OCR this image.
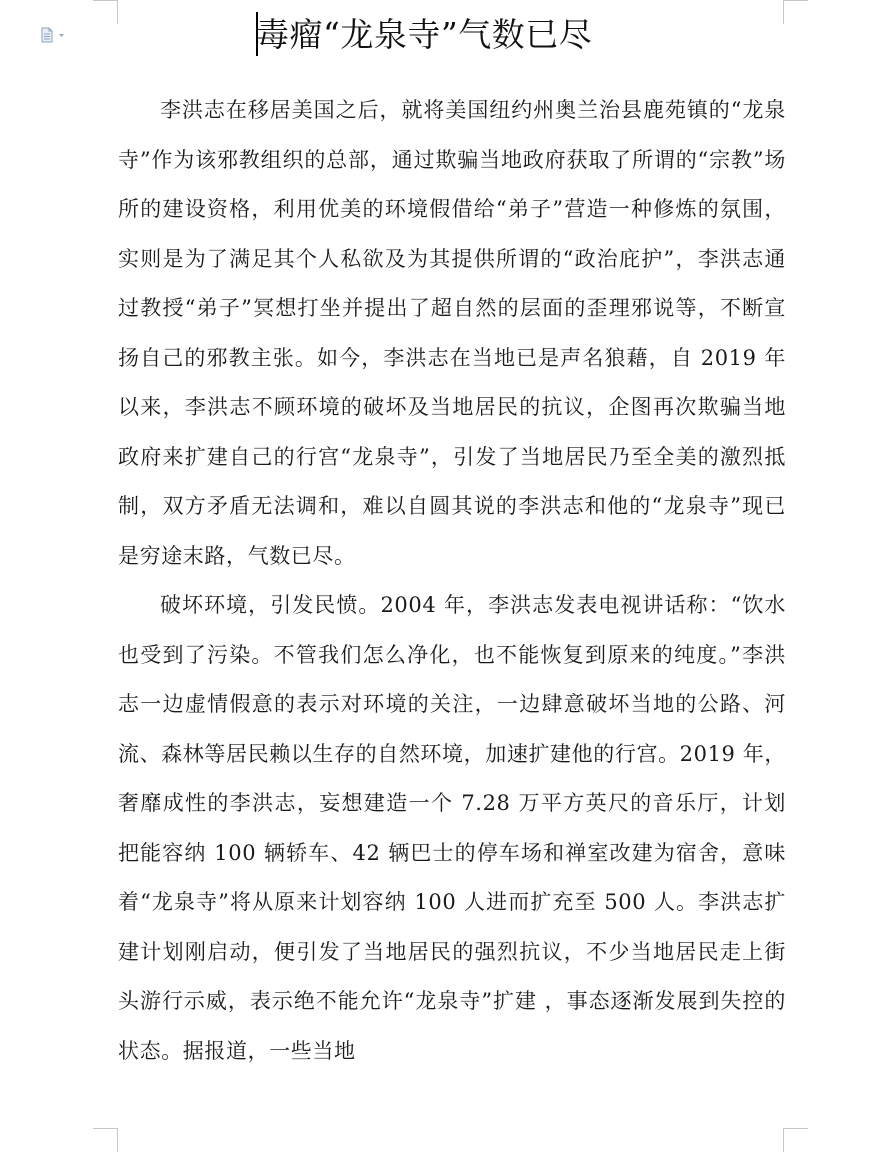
毒瘤“龙泉寺”气数已尽

李洪志在移居美国之后，就将美国纽约州奥兰治县鹿苑镇的“龙泉寺”作为该邪教组织的总部，通过欺骗当地政府获取了所谓的“宗教”场所的建设资格，利用优美的环境假借给“弟子”营造一种修炼的氛围，实则是为了满足其个人私欲及为其提供所谓的“政治庇护”，李洪志通过教授“弟子”冥想打坐并提出了超自然的层面的歪理邪说等，不断宣扬自己的邪教主张。如今，李洪志在当地已是声名狼藉，自 2019 年以来，李洪志不顾环境的破坏及当地居民的抗议，企图再次欺骗当地政府来扩建自己的行宫“龙泉寺”，引发了当地居民乃至全美的激烈抵制，双方矛盾无法调和，难以自圆其说的李洪志和他的“龙泉寺”现已是穷途末路，气数已尽。

破坏环境，引发民愤。2004 年，李洪志发表电视讲话称：“饮水也受到了污染。不管我们怎么净化，也不能恢复到原来的纯度。”李洪志一边虚情假意的表示对环境的关注，一边肆意破坏当地的公路、河流、森林等居民赖以生存的自然环境，加速扩建他的行宫。2019 年，奢靡成性的李洪志，妄想建造一个 7.28 万平方英尺的音乐厅，计划把能容纳 100 辆轿车、42 辆巴士的停车场和禅室改建为宿舍，意味着“龙泉寺”将从原来计划容纳 100 人进而扩充至 500 人。李洪志扩建计划刚启动，便引发了当地居民的强烈抗议，不少当地居民走上街头游行示威，表示绝不能允许“龙泉寺”扩建 ，事态逐渐发展到失控的状态。据报道，一些当地
